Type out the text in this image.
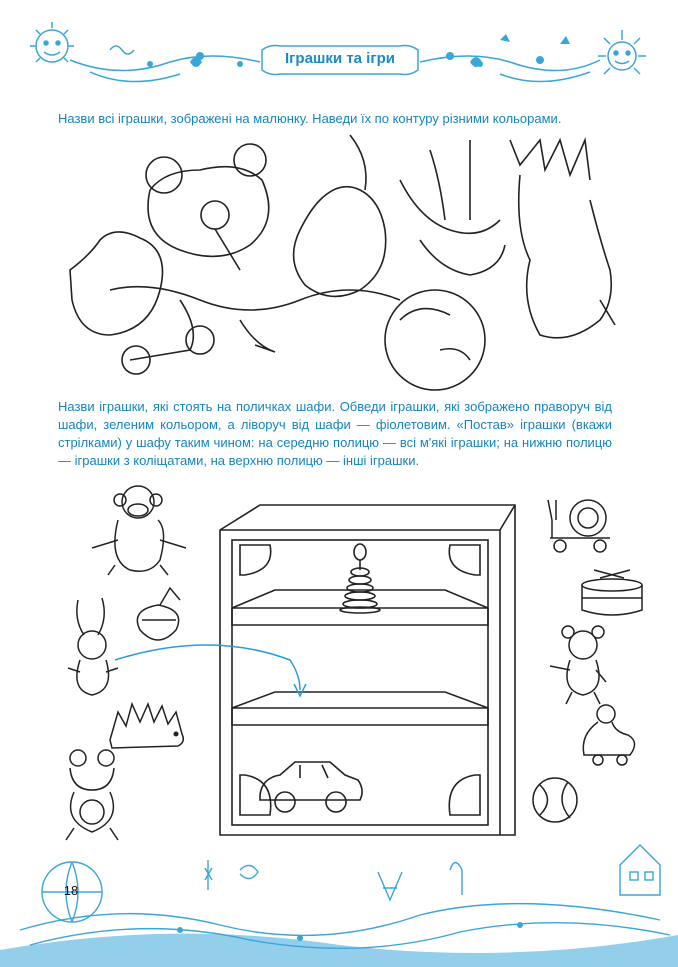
Іграшки та ігри
Назви всі іграшки, зображені на малюнку. Наведи їх по контуру різними кольорами.
Назви іграшки, які стоять на поличках шафи. Обведи іграшки, які зображено праворуч від шафи, зеленим кольором, а ліворуч від шафи — фіолетовим. «Постав» іграшки (вкажи стрілками) у шафу таким чином: на середню полицю — всі м'які іграшки; на нижню полицю — іграшки з коліщатами, на верхню полицю — інші іграшки.
18
